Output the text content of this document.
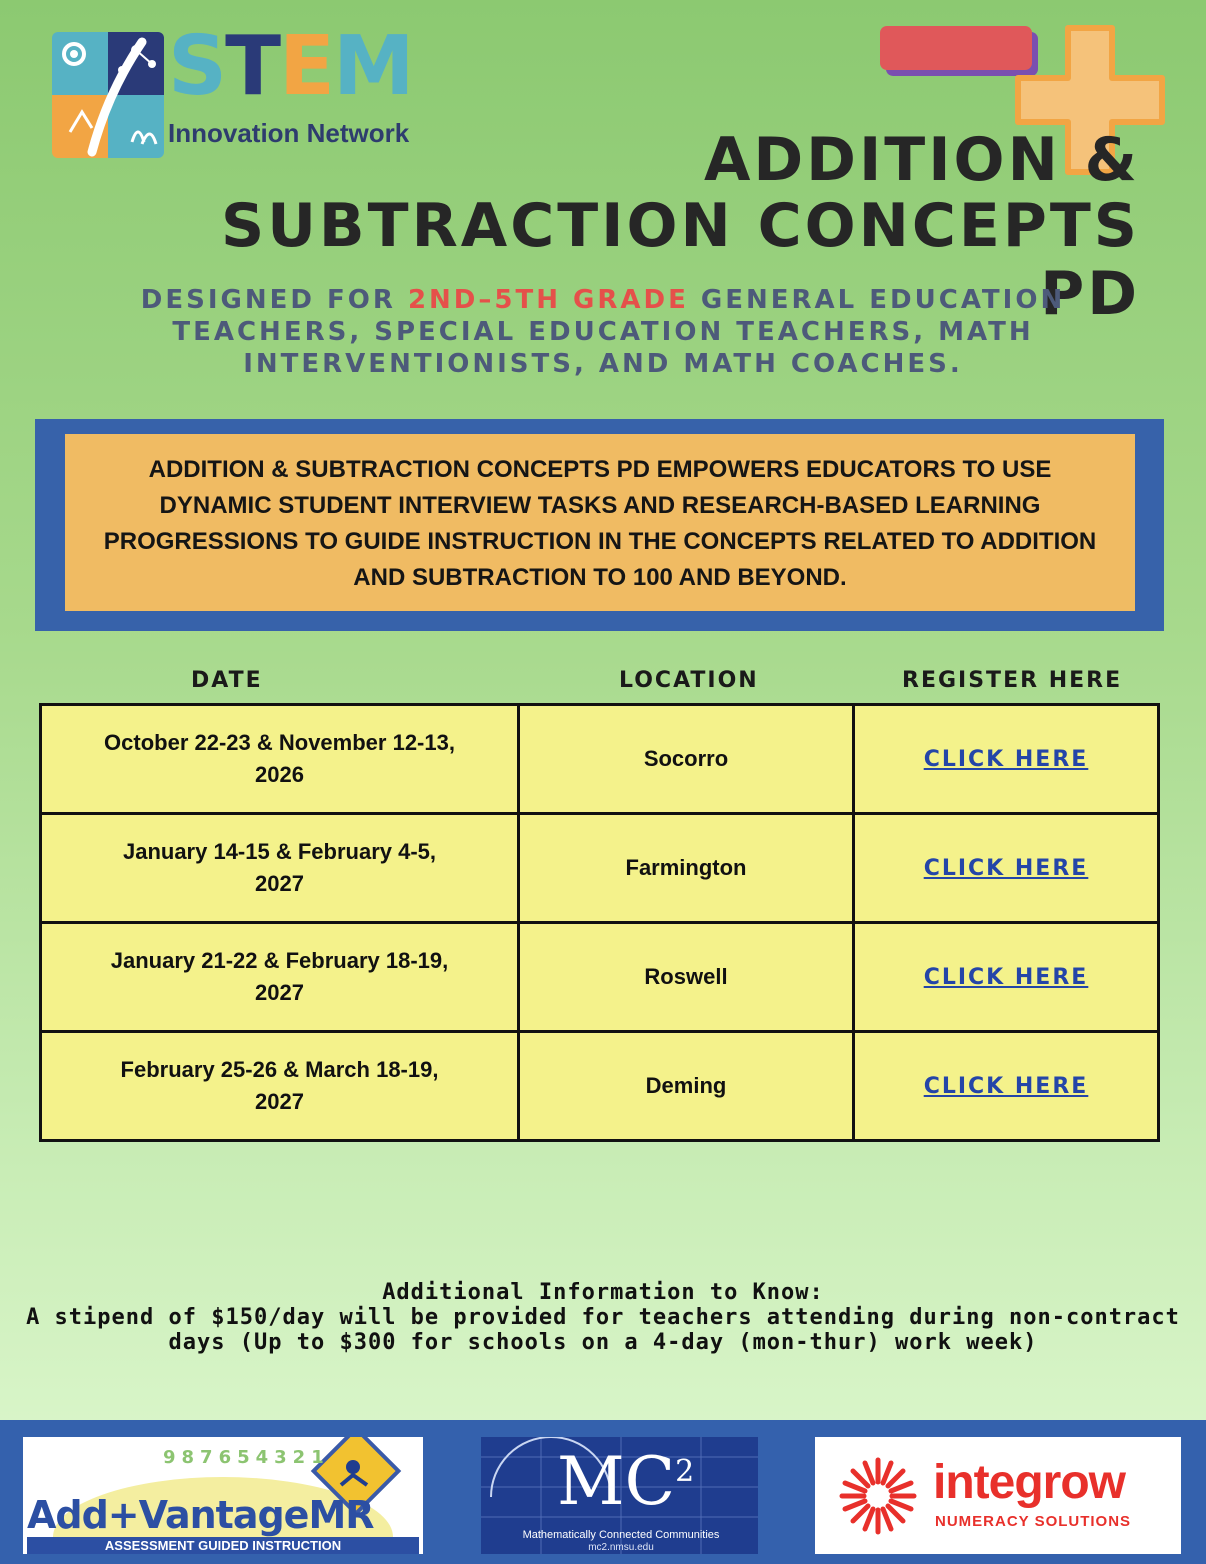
STEM
Innovation Network	ADDITION &
SUBTRACTION CONCEPTS PD
DESIGNED FOR 2ND–5TH GRADE GENERAL EDUCATION TEACHERS, SPECIAL EDUCATION TEACHERS, MATH INTERVENTIONISTS, AND MATH COACHES.
ADDITION & SUBTRACTION CONCEPTS PD EMPOWERS EDUCATORS TO USE DYNAMIC STUDENT INTERVIEW TASKS AND RESEARCH-BASED LEARNING PROGRESSIONS TO GUIDE INSTRUCTION IN THE CONCEPTS RELATED TO ADDITION AND SUBTRACTION TO 100 AND BEYOND.
DATE	LOCATION	REGISTER HERE
October 22-23 & November 12-13,
2026	Socorro	CLICK HERE
January 14-15 & February 4-5,
2027	Farmington	CLICK HERE
January 21-22 & February 18-19,
2027	Roswell	CLICK HERE
February 25-26 & March 18-19,
2027	Deming	CLICK HERE
Additional Information to Know:
A stipend of $150/day will be provided for teachers attending during non-contract
days (Up to $300 for schools on a 4-day (mon-thur) work week)
987654321
Add+VantageMR
ASSESSMENT GUIDED INSTRUCTION
$MC^2$
Mathematically Connected Communities
mc2.nmsu.edu
integrow
NUMERACY SOLUTIONS
